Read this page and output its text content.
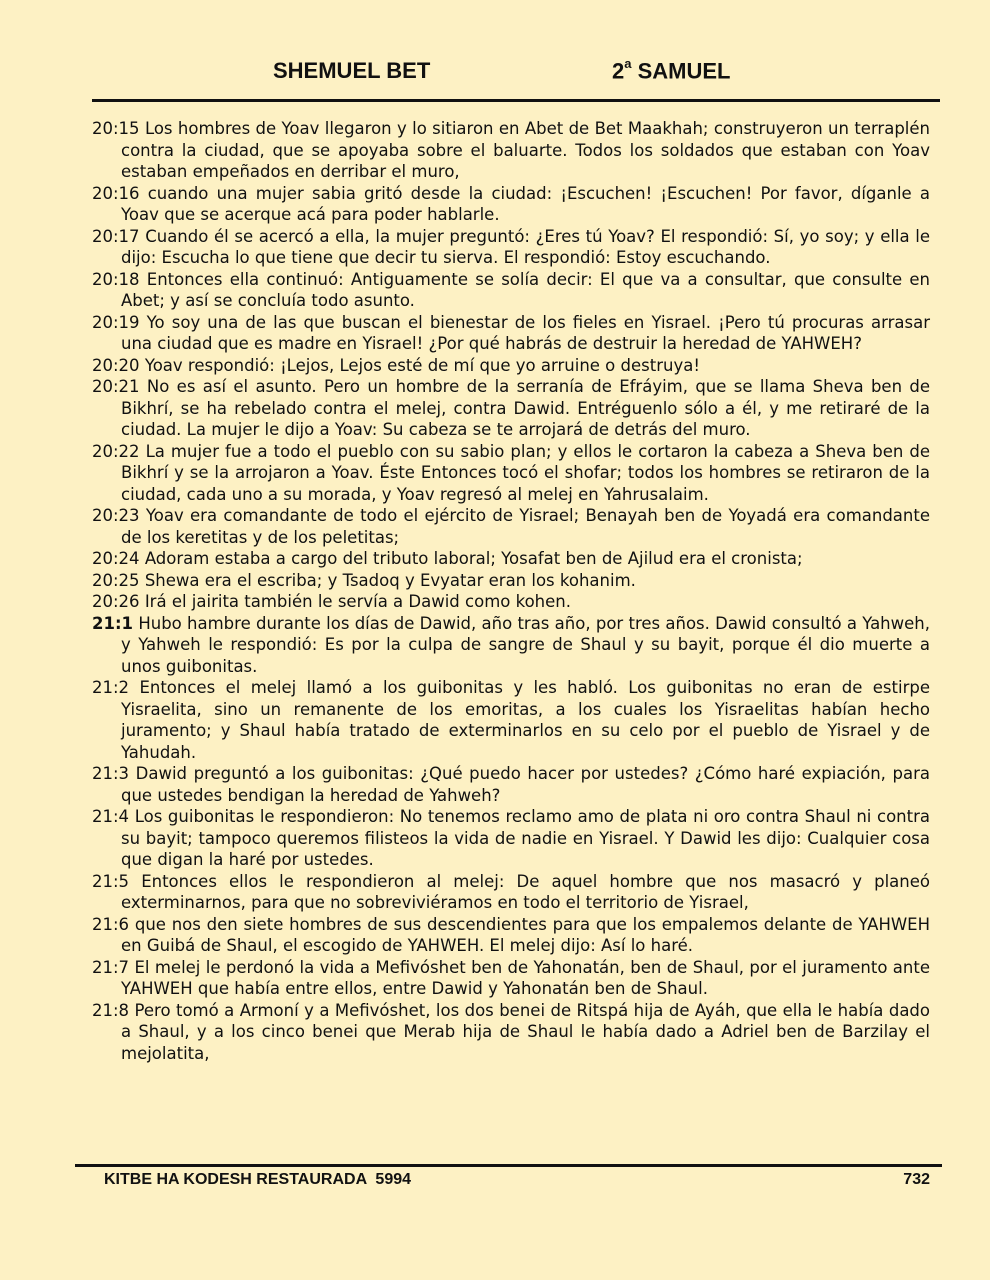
SHEMUEL BET	2$^a$ SAMUEL

20:15 Los hombres de Yoav llegaron y lo sitiaron en Abet de Bet Maakhah; construyeron un terraplén contra la ciudad, que se apoyaba sobre el baluarte. Todos los soldados que estaban con Yoav estaban empeñados en derribar el muro,

20:16 cuando una mujer sabia gritó desde la ciudad: ¡Escuchen! ¡Escuchen! Por favor, díganle a Yoav que se acerque acá para poder hablarle.

20:17 Cuando él se acercó a ella, la mujer preguntó: ¿Eres tú Yoav? El respondió: Sí, yo soy; y ella le dijo: Escucha lo que tiene que decir tu sierva. El respondió: Estoy escuchando.

20:18 Entonces ella continuó: Antiguamente se solía decir: El que va a consultar, que consulte en Abet; y así se concluía todo asunto.

20:19 Yo soy una de las que buscan el bienestar de los fieles en Yisrael. ¡Pero tú procuras arrasar una ciudad que es madre en Yisrael! ¿Por qué habrás de destruir la heredad de YAHWEH?

20:20 Yoav respondió: ¡Lejos, Lejos esté de mí que yo arruine o destruya!

20:21 No es así el asunto. Pero un hombre de la serranía de Efráyim, que se llama Sheva ben de Bikhrí, se ha rebelado contra el melej, contra Dawid. Entréguenlo sólo a él, y me retiraré de la ciudad. La mujer le dijo a Yoav: Su cabeza se te arrojará de detrás del muro.

20:22 La mujer fue a todo el pueblo con su sabio plan; y ellos le cortaron la cabeza a Sheva ben de Bikhrí y se la arrojaron a Yoav. Éste Entonces tocó el shofar; todos los hombres se retiraron de la ciudad, cada uno a su morada, y Yoav regresó al melej en Yahrusalaim.

20:23 Yoav era comandante de todo el ejército de Yisrael; Benayah ben de Yoyadá era comandante de los keretitas y de los peletitas;

20:24 Adoram estaba a cargo del tributo laboral; Yosafat ben de Ajilud era el cronista;

20:25 Shewa era el escriba; y Tsadoq y Evyatar eran los kohanim.

20:26 Irá el jairita también le servía a Dawid como kohen.

21:1 Hubo hambre durante los días de Dawid, año tras año, por tres años. Dawid consultó a Yahweh, y Yahweh le respondió: Es por la culpa de sangre de Shaul y su bayit, porque él dio muerte a unos guibonitas.

21:2 Entonces el melej llamó a los guibonitas y les habló. Los guibonitas no eran de estirpe Yisraelita, sino un remanente de los emoritas, a los cuales los Yisraelitas habían hecho juramento; y Shaul había tratado de exterminarlos en su celo por el pueblo de Yisrael y de Yahudah.

21:3 Dawid preguntó a los guibonitas: ¿Qué puedo hacer por ustedes? ¿Cómo haré expiación, para que ustedes bendigan la heredad de Yahweh?

21:4 Los guibonitas le respondieron: No tenemos reclamo amo de plata ni oro contra Shaul ni contra su bayit; tampoco queremos filisteos la vida de nadie en Yisrael. Y Dawid les dijo: Cualquier cosa que digan la haré por ustedes.

21:5 Entonces ellos le respondieron al melej: De aquel hombre que nos masacró y planeó exterminarnos, para que no sobreviviéramos en todo el territorio de Yisrael,

21:6 que nos den siete hombres de sus descendientes para que los empalemos delante de YAHWEH en Guibá de Shaul, el escogido de YAHWEH. El melej dijo: Así lo haré.

21:7 El melej le perdonó la vida a Mefivóshet ben de Yahonatán, ben de Shaul, por el juramento ante YAHWEH que había entre ellos, entre Dawid y Yahonatán ben de Shaul.

21:8 Pero tomó a Armoní y a Mefivóshet, los dos benei de Ritspá hija de Ayáh, que ella le había dado a Shaul, y a los cinco benei que Merab hija de Shaul le había dado a Adriel ben de Barzilay el mejolatita,

KITBE HA KODESH RESTAURADA  5994	732
